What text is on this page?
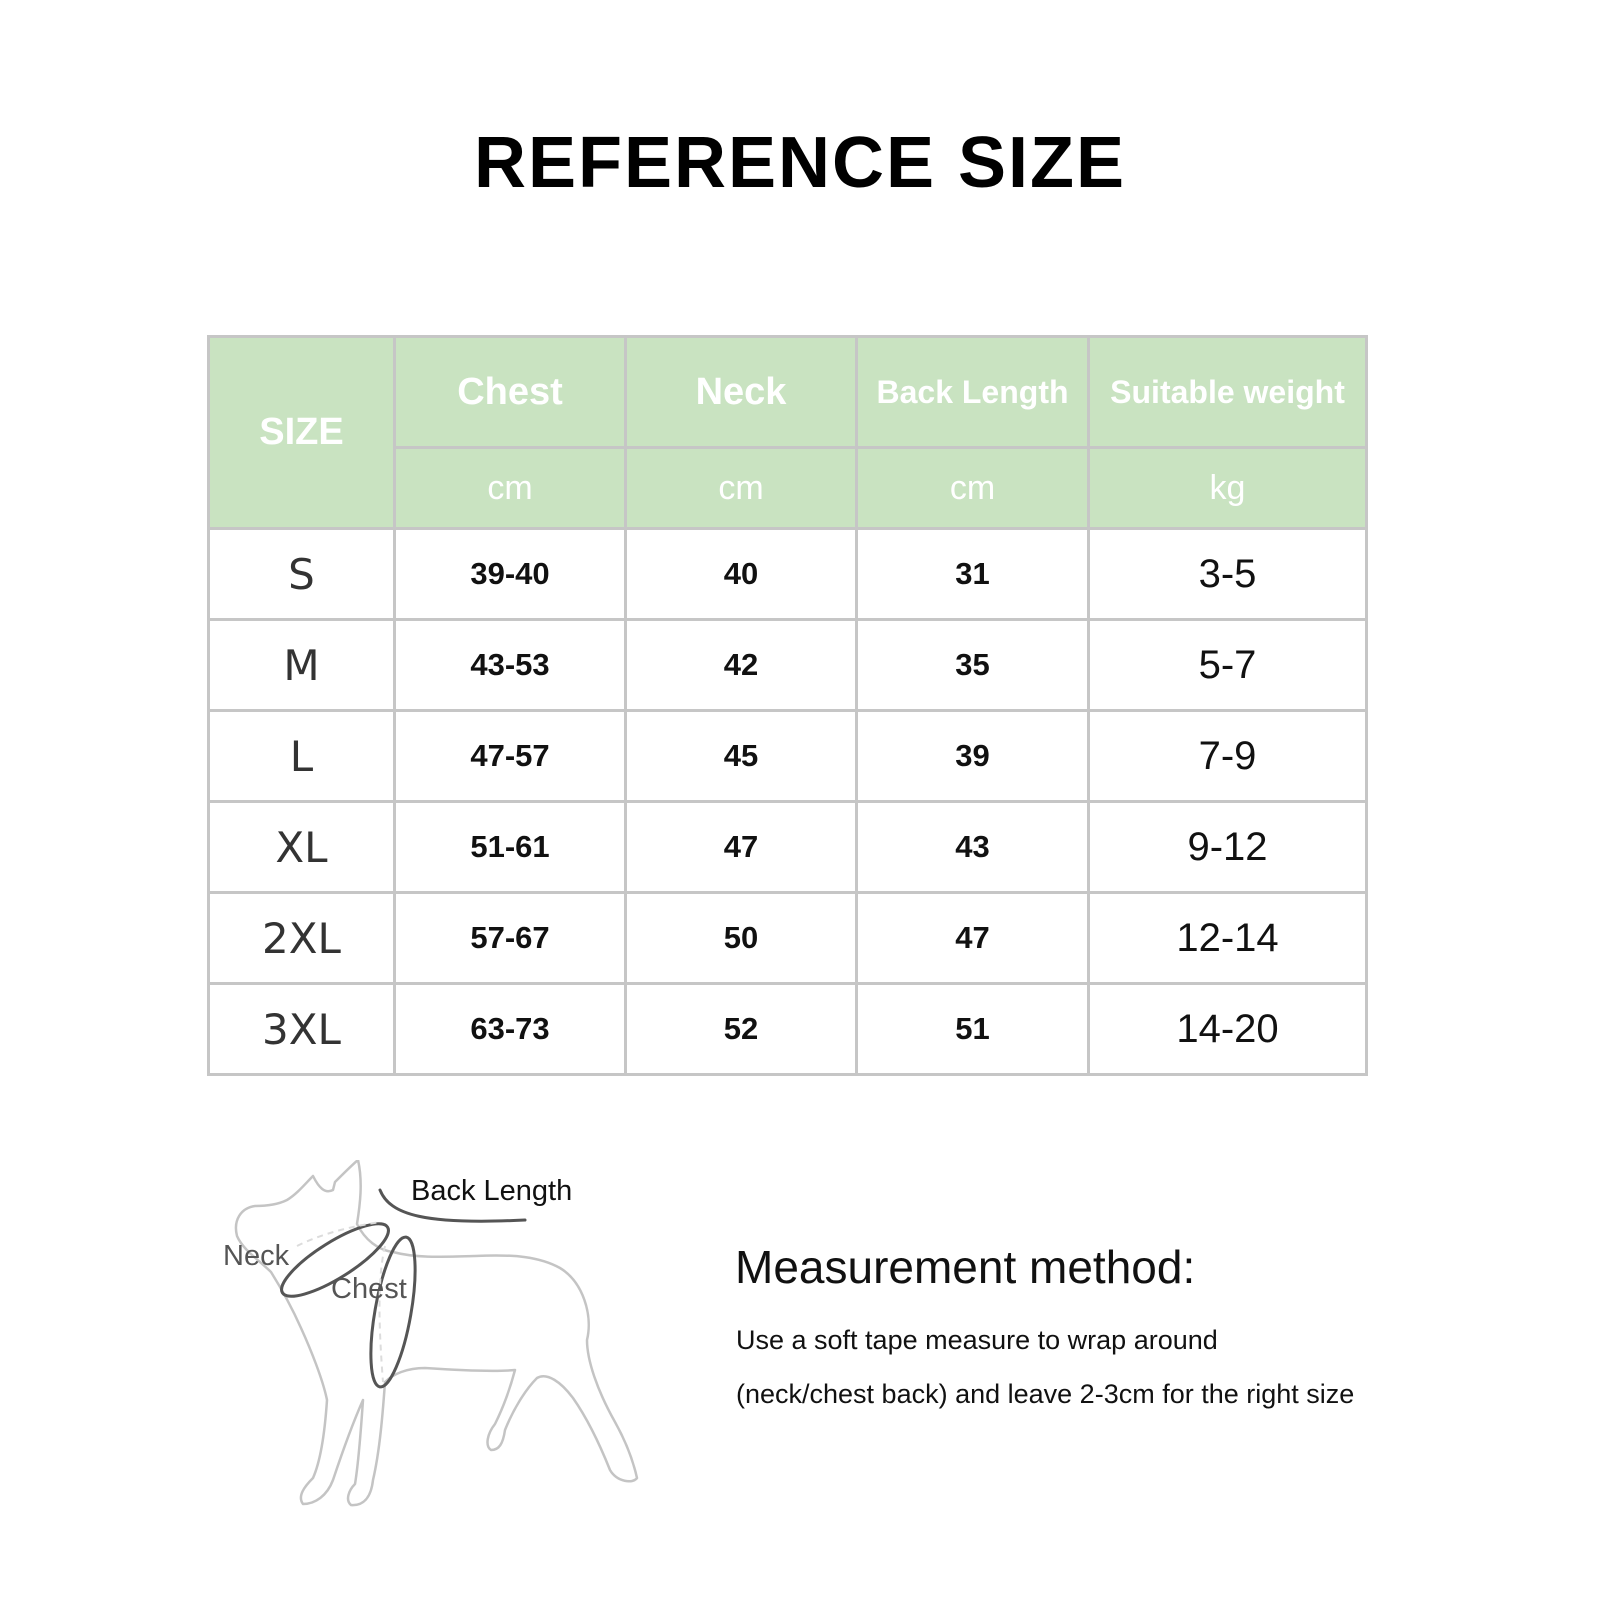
REFERENCE SIZE
SIZE	Chest	Neck	Back Length	Suitable weight
	cm	cm	cm	kg
S	39-40	40	31	3-5
M	43-53	42	35	5-7
L	47-57	45	39	7-9
XL	51-61	47	43	9-12
2XL	57-67	50	47	12-14
3XL	63-73	52	51	14-20
Back Length
Neck
Chest	Measurement method:
Use a soft tape measure to wrap around
(neck/chest back) and leave 2-3cm for the right size
